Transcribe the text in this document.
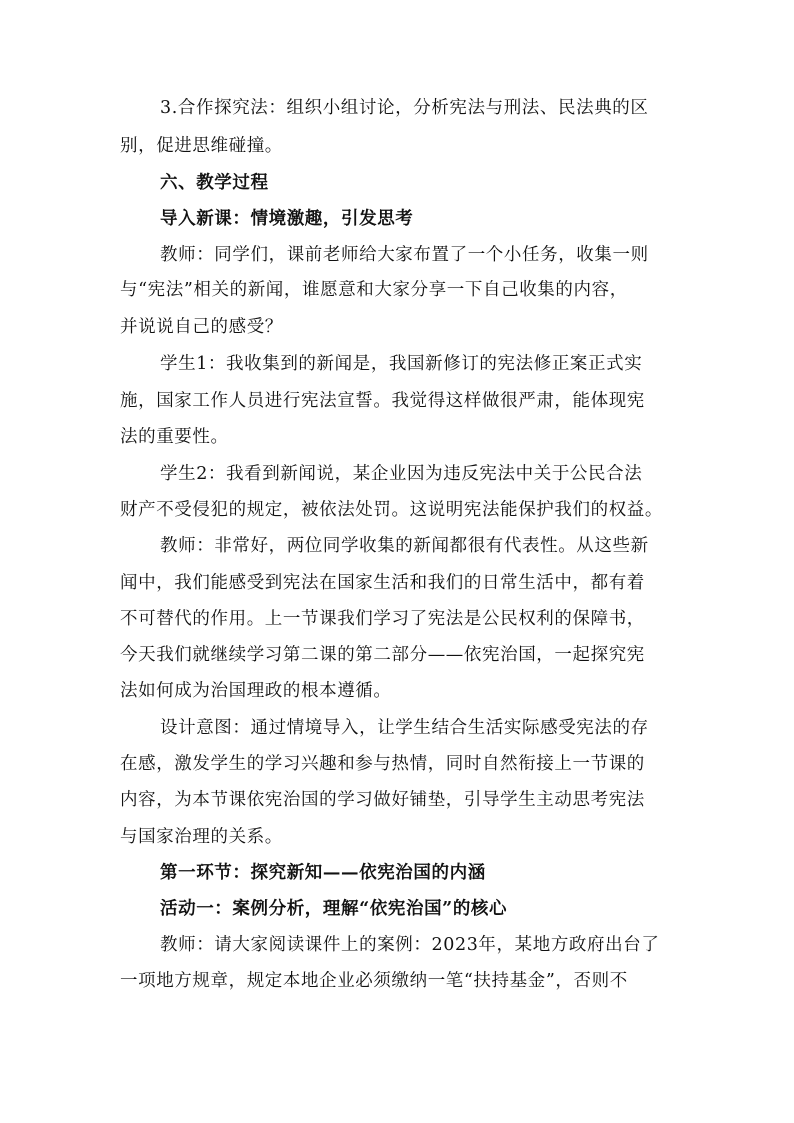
3.合作探究法：组织小组讨论，分析宪法与刑法、民法典的区
别，促进思维碰撞。
六、教学过程
导入新课：情境激趣，引发思考
教师：同学们，课前老师给大家布置了一个小任务，收集一则
与“宪法”相关的新闻，谁愿意和大家分享一下自己收集的内容，
并说说自己的感受？
学生1：我收集到的新闻是，我国新修订的宪法修正案正式实
施，国家工作人员进行宪法宣誓。我觉得这样做很严肃，能体现宪
法的重要性。
学生2：我看到新闻说，某企业因为违反宪法中关于公民合法
财产不受侵犯的规定，被依法处罚。这说明宪法能保护我们的权益。
教师：非常好，两位同学收集的新闻都很有代表性。从这些新
闻中，我们能感受到宪法在国家生活和我们的日常生活中，都有着
不可替代的作用。上一节课我们学习了宪法是公民权利的保障书，
今天我们就继续学习第二课的第二部分——依宪治国，一起探究宪
法如何成为治国理政的根本遵循。
设计意图：通过情境导入，让学生结合生活实际感受宪法的存
在感，激发学生的学习兴趣和参与热情，同时自然衔接上一节课的
内容，为本节课依宪治国的学习做好铺垫，引导学生主动思考宪法
与国家治理的关系。
第一环节：探究新知——依宪治国的内涵
活动一：案例分析，理解“依宪治国”的核心
教师：请大家阅读课件上的案例：2023年，某地方政府出台了
一项地方规章，规定本地企业必须缴纳一笔“扶持基金”，否则不
